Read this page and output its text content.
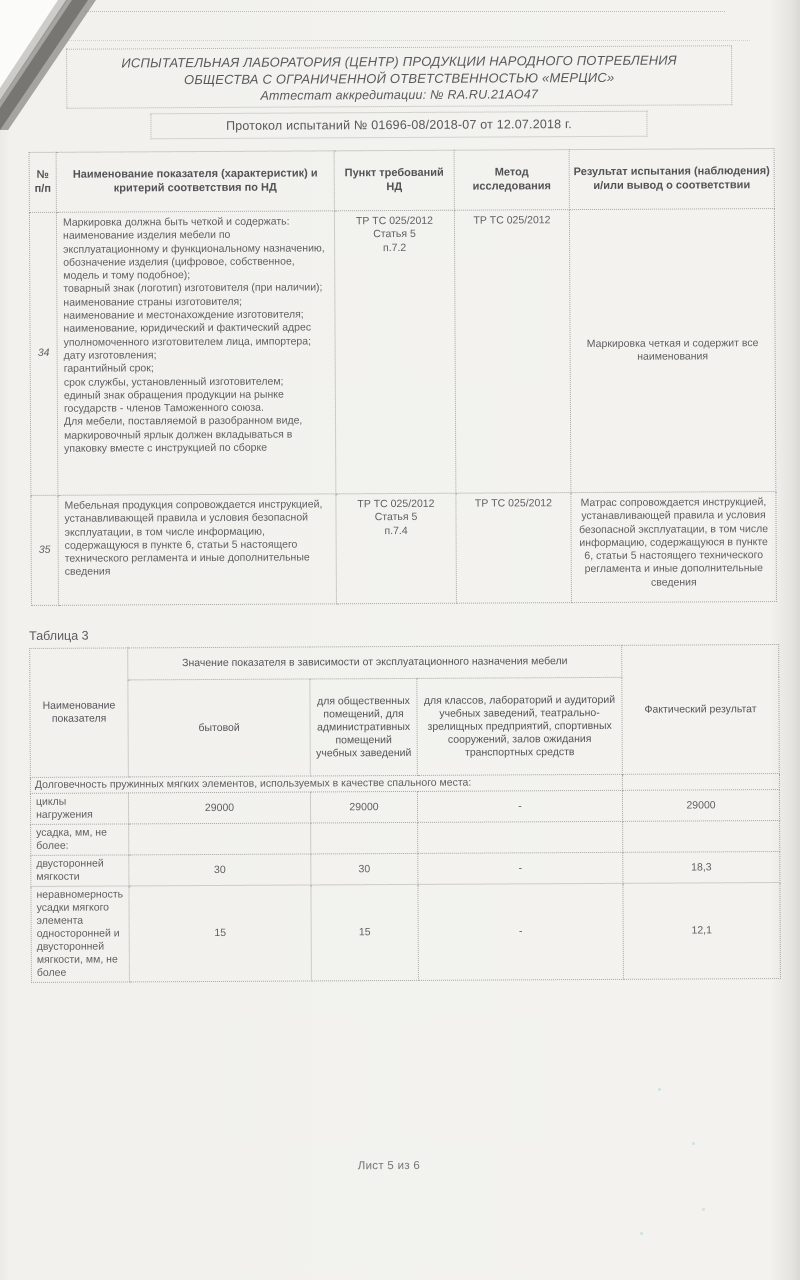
ИСПЫТАТЕЛЬНАЯ ЛАБОРАТОРИЯ (ЦЕНТР) ПРОДУКЦИИ НАРОДНОГО ПОТРЕБЛЕНИЯ
ОБЩЕСТВА С ОГРАНИЧЕННОЙ ОТВЕТСТВЕННОСТЬЮ «МЕРЦИС»
Аттестат аккредитации: № RA.RU.21AO47
Протокол испытаний № 01696-08/2018-07 от 12.07.2018 г.
№ п/п	Наименование показателя (характеристик) и критерий соответствия по НД	Пункт требований НД	Метод исследования	Результат испытания (наблюдения) и/или вывод о соответствии
34	Маркировка должна быть четкой и содержать:
наименование изделия мебели по эксплуатационному и функциональному назначению, обозначение изделия (цифровое, собственное, модель и тому подобное);
товарный знак (логотип) изготовителя (при наличии);
наименование страны изготовителя;
наименование и местонахождение изготовителя;
наименование, юридический и фактический адрес уполномоченного изготовителем лица, импортера;
дату изготовления;
гарантийный срок;
срок службы, установленный изготовителем;
единый знак обращения продукции на рынке государств - членов Таможенного союза.
Для мебели, поставляемой в разобранном виде, маркировочный ярлык должен вкладываться в упаковку вместе с инструкцией по сборке	ТР ТС 025/2012
Статья 5
п.7.2	ТР ТС 025/2012	Маркировка четкая и содержит все наименования
35	Мебельная продукция сопровождается инструкцией, устанавливающей правила и условия безопасной эксплуатации, в том числе информацию, содержащуюся в пункте 6, статьи 5 настоящего технического регламента и иные дополнительные сведения	ТР ТС 025/2012
Статья 5
п.7.4	ТР ТС 025/2012	Матрас сопровождается инструкцией, устанавливающей правила и условия безопасной эксплуатации, в том числе информацию, содержащуюся в пункте 6, статьи 5 настоящего технического регламента и иные дополнительные сведения
Таблица 3
Наименование показателя	Значение показателя в зависимости от эксплуатационного назначения мебели			Фактический результат
	бытовой	для общественных помещений, для административных помещений учебных заведений	для классов, лабораторий и аудиторий учебных заведений, театрально-зрелищных предприятий, спортивных сооружений, залов ожидания транспортных средств	
Долговечность пружинных мягких элементов, используемых в качестве спального места:				
циклы нагружения	29000	29000	-	29000
усадка, мм, не более:				
двусторонней мягкости	30	30	-	18,3
неравномерность усадки мягкого элемента односторонней и двусторонней мягкости, мм, не более	15	15	-	12,1
Лист 5 из 6
